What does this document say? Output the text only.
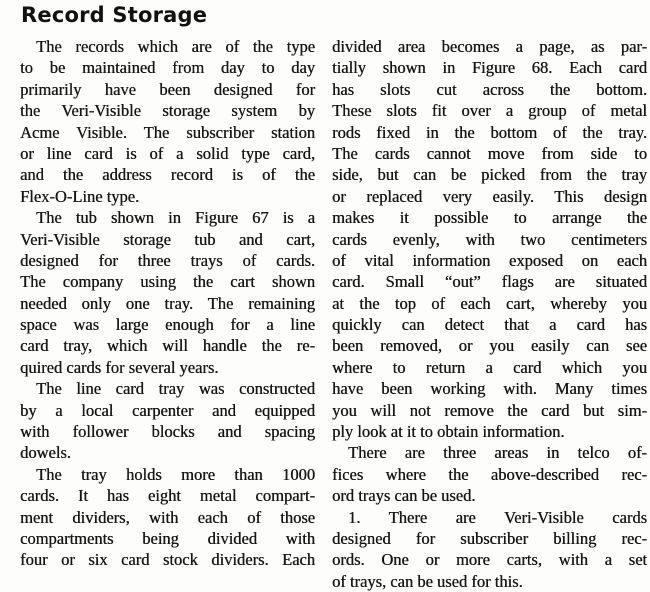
Record Storage
The records which are of the type
to be maintained from day to day
primarily have been designed for
the Veri-Visible storage system by
Acme Visible. The subscriber station
or line card is of a solid type card,
and the address record is of the
Flex-O-Line type.
The tub shown in Figure 67 is a
Veri-Visible storage tub and cart,
designed for three trays of cards.
The company using the cart shown
needed only one tray. The remaining
space was large enough for a line
card tray, which will handle the re-
quired cards for several years.
The line card tray was constructed
by a local carpenter and equipped
with follower blocks and spacing
dowels.
The tray holds more than 1000
cards. It has eight metal compart-
ment dividers, with each of those
compartments being divided with
four or six card stock dividers. Each
divided area becomes a page, as par-
tially shown in Figure 68. Each card
has slots cut across the bottom.
These slots fit over a group of metal
rods fixed in the bottom of the tray.
The cards cannot move from side to
side, but can be picked from the tray
or replaced very easily. This design
makes it possible to arrange the
cards evenly, with two centimeters
of vital information exposed on each
card. Small “out” flags are situated
at the top of each cart, whereby you
quickly can detect that a card has
been removed, or you easily can see
where to return a card which you
have been working with. Many times
you will not remove the card but sim-
ply look at it to obtain information.
There are three areas in telco of-
fices where the above-described rec-
ord trays can be used.
1. There are Veri-Visible cards
designed for subscriber billing rec-
ords. One or more carts, with a set
of trays, can be used for this.
